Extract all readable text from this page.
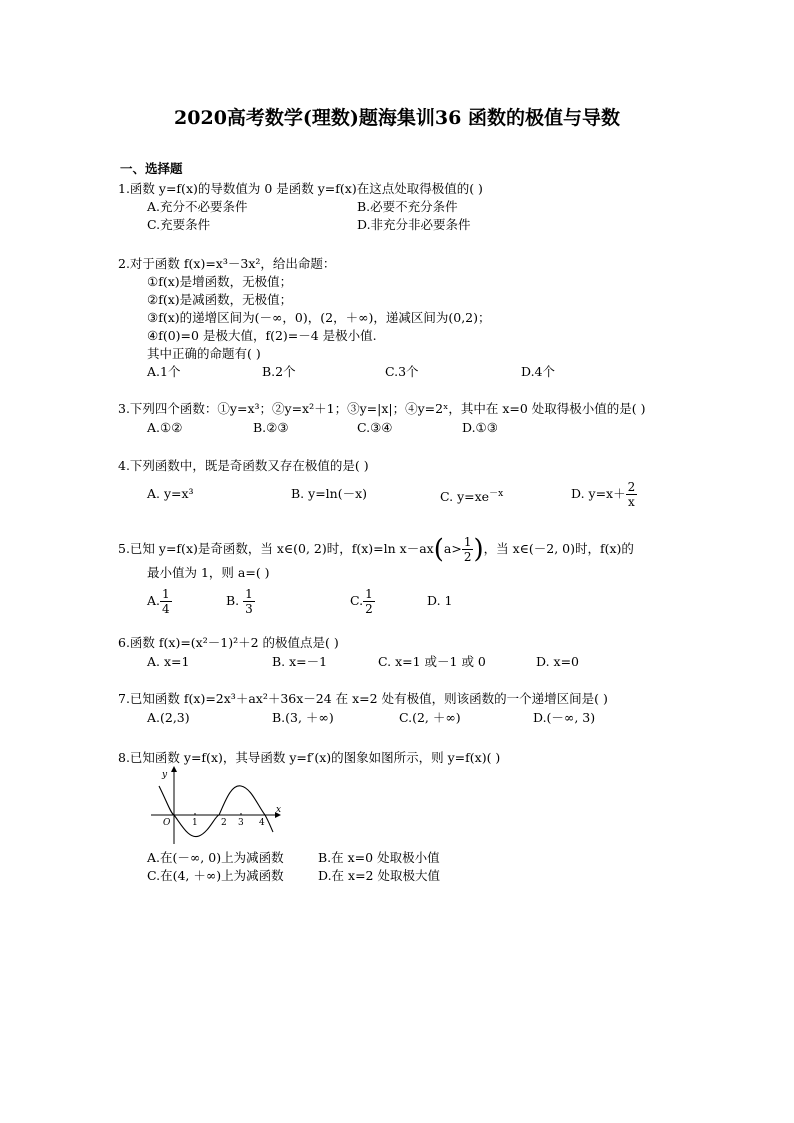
2020高考数学(理数)题海集训36 函数的极值与导数
一、选择题
1.函数 y=f(x)的导数值为 0 是函数 y=f(x)在这点处取得极值的( )
A.充分不必要条件	B.必要不充分条件
C.充要条件	D.非充分非必要条件
2.对于函数 f(x)=x³－3x²，给出命题：
①f(x)是增函数，无极值；
②f(x)是减函数，无极值；
③f(x)的递增区间为(－∞，0)，(2，＋∞)，递减区间为(0,2)；
④f(0)=0 是极大值，f(2)=－4 是极小值.
其中正确的命题有( )
A.1个	B.2个	C.3个	D.4个
3.下列四个函数：①y=x³；②y=x²＋1；③y=|x|；④y=2ˣ，其中在 x=0 处取得极小值的是( )
A.①②	B.②③	C.③④	D.①③
4.下列函数中，既是奇函数又存在极值的是( )
A. y=x³	B. y=ln(－x)	C. $y=xe^{-x}$	D. $y=x+ \frac{2}{x}$
5.已知 y=f(x)是奇函数，当 x∈(0, 2)时，f(x)=ln $x-ax(a> \frac{1}{2}$ )，当 x∈(－2, 0)时，f(x)的
最小值为 1，则 a=( )
A. $\frac{1}{4}$	B. $\frac{1}{3}$	C. $\frac{1}{2}$	D. 1
6.函数 f(x)=(x²－1)²＋2 的极值点是( )
A. x=1	B. x=－1	C. x=1 或－1 或 0	D. x=0
7.已知函数 f(x)=2x³＋ax²＋36x－24 在 x=2 处有极值，则该函数的一个递增区间是( )
A.(2,3)	B.(3, ＋∞)	C.(2, ＋∞)	D.(－∞, 3)
8.已知函数 y=f(x)，其导函数 y=f′(x)的图象如图所示，则 y=f(x)( )
y
x
O 1	2 3 4
A.在(－∞, 0)上为减函数	B.在 x=0 处取极小值
C.在(4, ＋∞)上为减函数	D.在 x=2 处取极大值
